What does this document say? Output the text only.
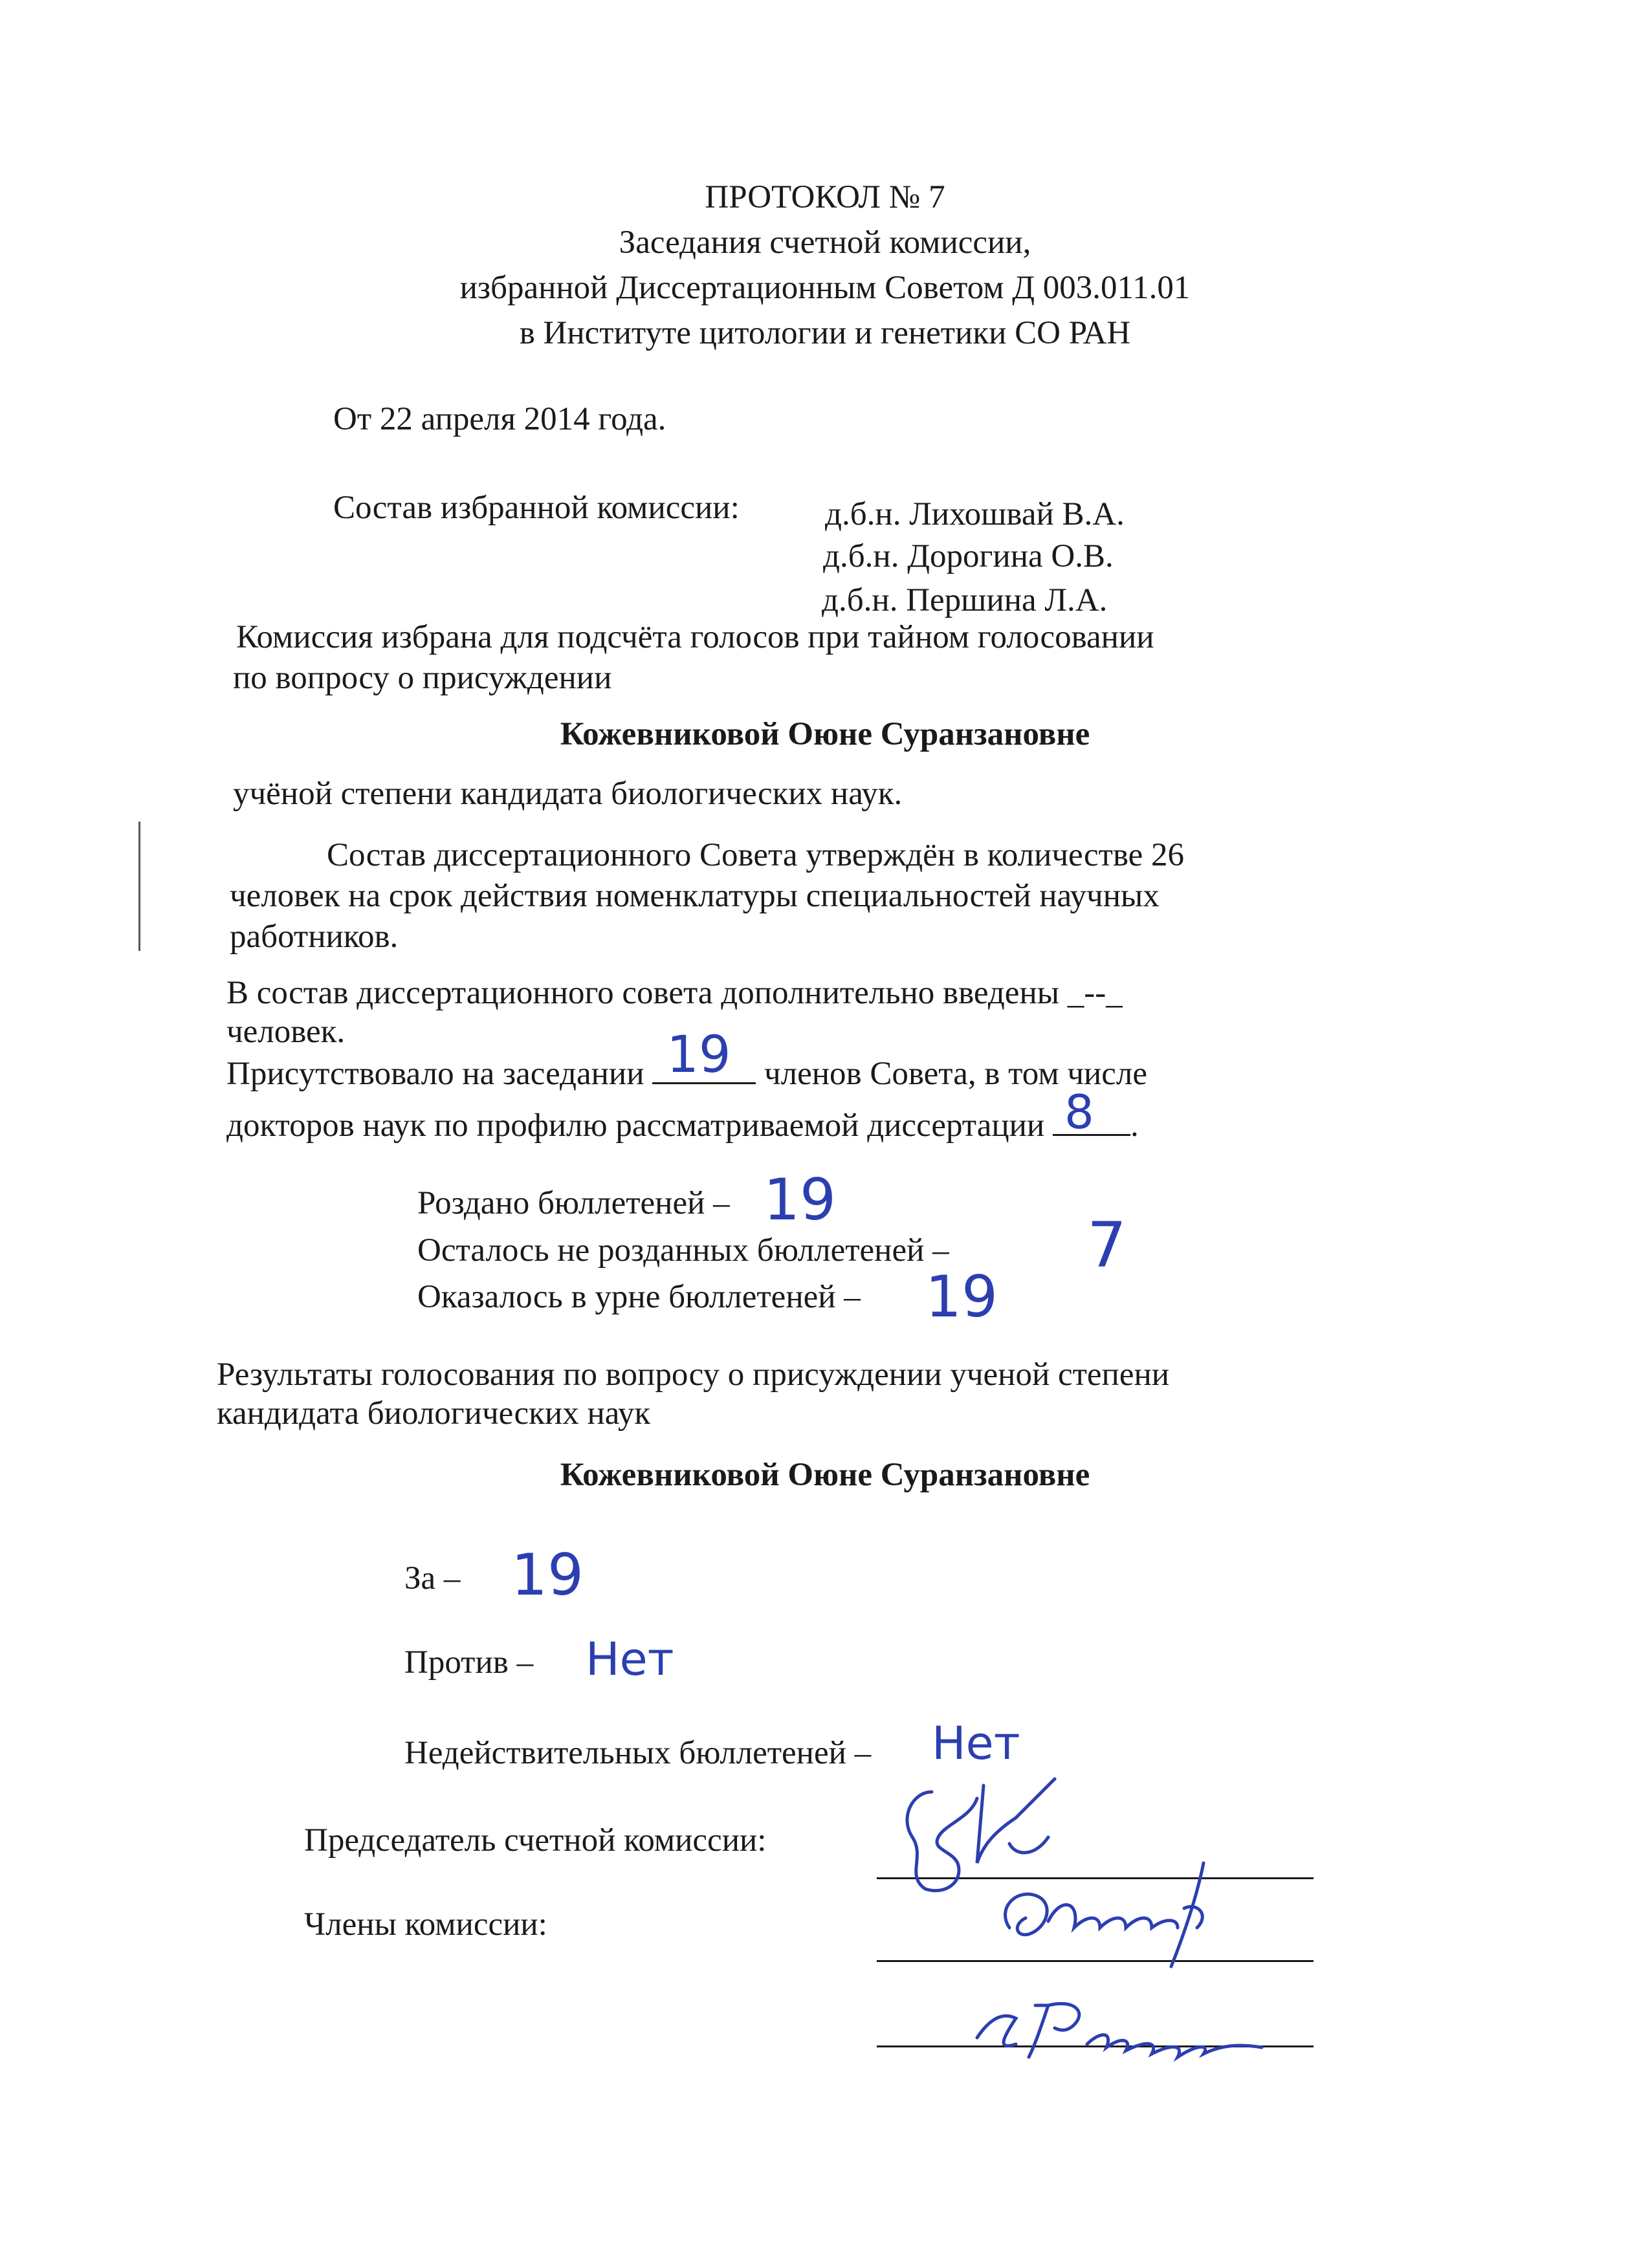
ПРОТОКОЛ № 7
Заседания счетной комиссии,
избранной Диссертационным Советом Д 003.011.01
в Институте цитологии и генетики СО РАН
От 22 апреля 2014 года.
Состав избранной комиссии:	д.б.н. Лихошвай В.А.
д.б.н. Дорогина О.В.
д.б.н. Першина Л.А.
Комиссия избрана для подсчёта голосов при тайном голосовании
по вопросу о присуждении
Кожевниковой Оюне Суранзановне
учёной степени кандидата биологических наук.
Состав диссертационного Совета утверждён в количестве 26
человек на срок действия номенклатуры специальностей научных
работников.
В состав диссертационного совета дополнительно введены _--_
человек.
Присутствовало на заседании 19 членов Совета, в том числе
докторов наук по профилю рассматриваемой диссертации 8 .
Роздано бюллетеней – 19
Осталось не розданных бюллетеней – 7
Оказалось в урне бюллетеней – 19
Результаты голосования по вопросу о присуждении ученой степени
кандидата биологических наук
Кожевниковой Оюне Суранзановне
За – 19
Против – Нет
Недействительных бюллетеней – Нет
Председатель счетной комиссии:
Члены комиссии:
